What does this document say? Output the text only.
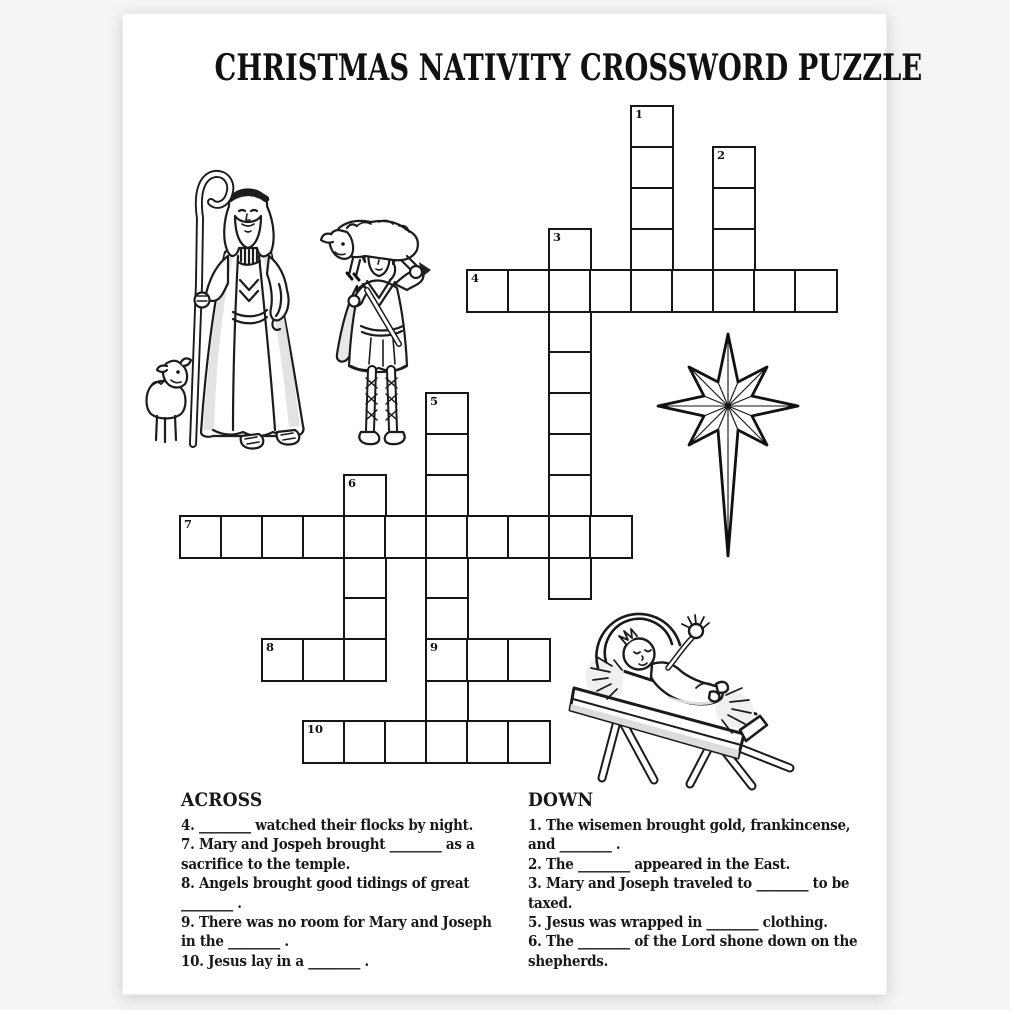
CHRISTMAS NATIVITY CROSSWORD PUZZLE
1
2
3
4
5
6
7
8	9
10
ACROSS
4. ________ watched their flocks by night.
7. Mary and Jospeh brought ________ as a sacrifice to the temple.
8. Angels brought good tidings of great ________ .
9. There was no room for Mary and Joseph in the ________ .
10. Jesus lay in a ________ .
DOWN
1. The wisemen brought gold, frankincense, and ________ .
2. The ________ appeared in the East.
3. Mary and Joseph traveled to ________ to be taxed.
5. Jesus was wrapped in ________ clothing.
6. The ________ of the Lord shone down on the shepherds.
